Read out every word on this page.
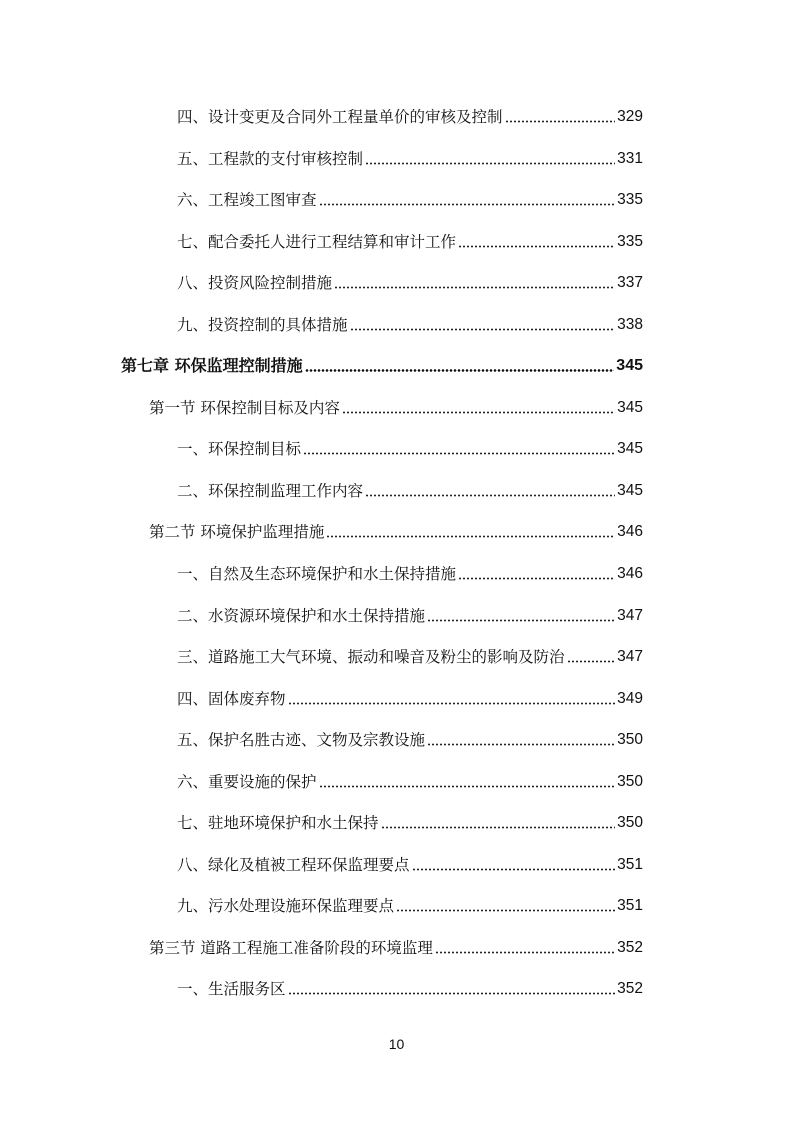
四、设计变更及合同外工程量单价的审核及控制	329
五、工程款的支付审核控制	331
六、工程竣工图审查	335
七、配合委托人进行工程结算和审计工作	335
八、投资风险控制措施	337
九、投资控制的具体措施	338
第七章 环保监理控制措施	345
第一节 环保控制目标及内容	345
一、环保控制目标	345
二、环保控制监理工作内容	345
第二节 环境保护监理措施	346
一、自然及生态环境保护和水土保持措施	346
二、水资源环境保护和水土保持措施	347
三、道路施工大气环境、振动和噪音及粉尘的影响及防治	347
四、固体废弃物	349
五、保护名胜古迹、文物及宗教设施	350
六、重要设施的保护	350
七、驻地环境保护和水土保持	350
八、绿化及植被工程环保监理要点	351
九、污水处理设施环保监理要点	351
第三节 道路工程施工准备阶段的环境监理	352
一、生活服务区	352
10
